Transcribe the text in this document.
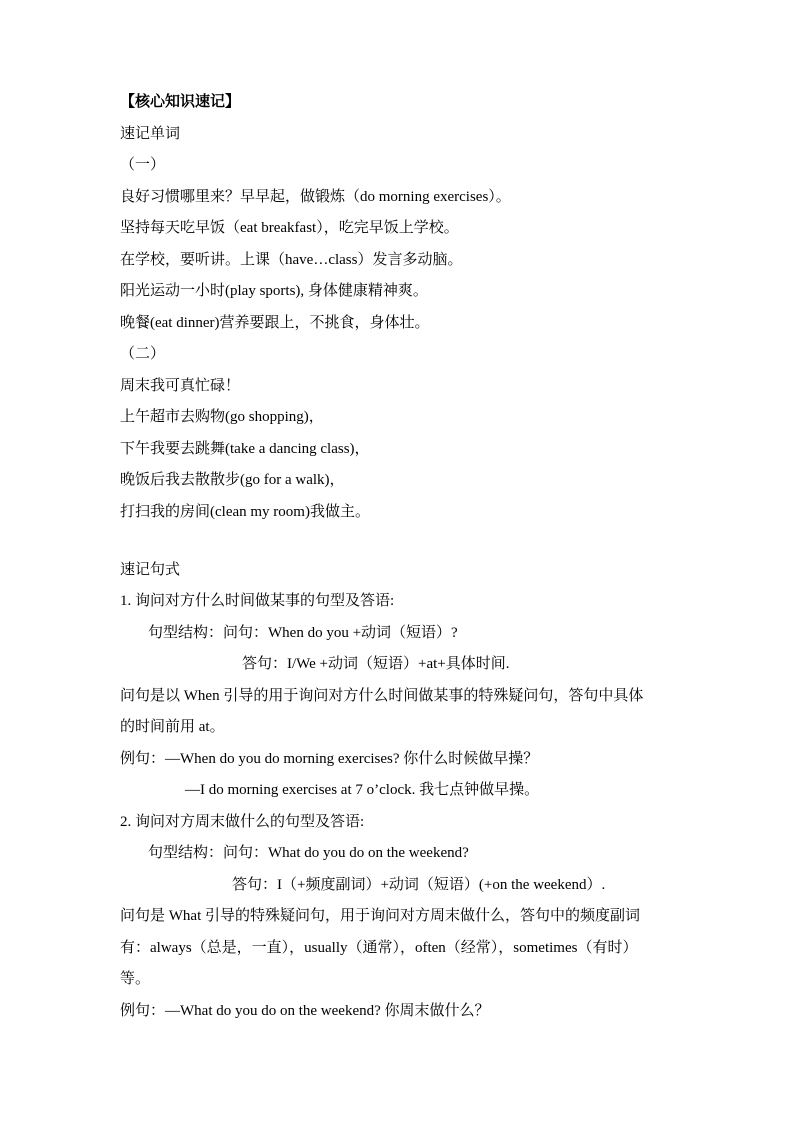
【核心知识速记】
速记单词
（一）
良好习惯哪里来？早早起，做锻炼（do morning exercises）。
坚持每天吃早饭（eat breakfast），吃完早饭上学校。
在学校，要听讲。上课（have…class）发言多动脑。
阳光运动一小时(play sports), 身体健康精神爽。
晚餐(eat dinner)营养要跟上，不挑食，身体壮。
（二）
周末我可真忙碌！
上午超市去购物(go shopping)，
下午我要去跳舞(take a dancing class)，
晚饭后我去散散步(go for a walk)，
打扫我的房间(clean my room)我做主。
速记句式
1. 询问对方什么时间做某事的句型及答语:
句型结构：问句：When do you +动词（短语）?
答句：I/We +动词（短语）+at+具体时间.
问句是以 When 引导的用于询问对方什么时间做某事的特殊疑问句，答句中具体
的时间前用 at。
例句：—When do you do morning exercises? 你什么时候做早操？
—I do morning exercises at 7 o’clock. 我七点钟做早操。
2. 询问对方周末做什么的句型及答语:
句型结构：问句：What do you do on the weekend?
答句：I（+频度副词）+动词（短语）(+on the weekend）.
问句是 What 引导的特殊疑问句，用于询问对方周末做什么，答句中的频度副词
有：always（总是，一直），usually（通常），often（经常），sometimes（有时）
等。
例句：—What do you do on the weekend? 你周末做什么？
